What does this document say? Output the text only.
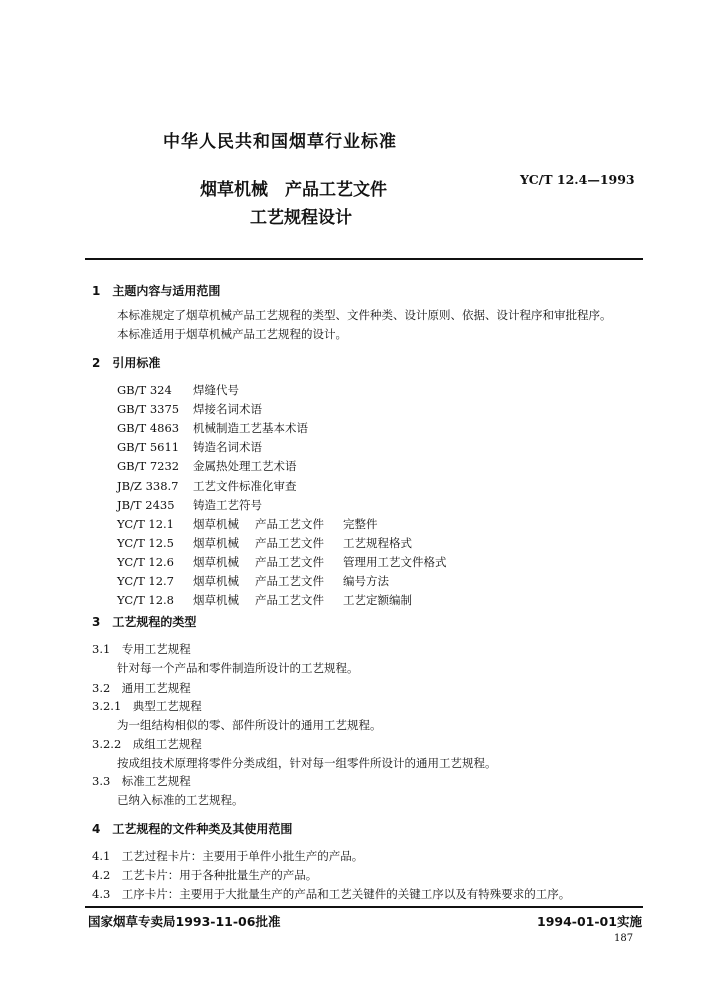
中华人民共和国烟草行业标准
烟草机械　产品工艺文件
工艺规程设计
YC/T 12.4—1993
1　主题内容与适用范围
本标准规定了烟草机械产品工艺规程的类型、文件种类、设计原则、依据、设计程序和审批程序。
本标准适用于烟草机械产品工艺规程的设计。
2　引用标准
GB/T 324 焊缝代号
GB/T 3375 焊接名词术语
GB/T 4863 机械制造工艺基本术语
GB/T 5611 铸造名词术语
GB/T 7232 金属热处理工艺术语
JB/Z 338.7 工艺文件标准化审查
JB/T 2435 铸造工艺符号
YC/T 12.1 烟草机械 产品工艺文件 完整件
YC/T 12.5 烟草机械 产品工艺文件 工艺规程格式
YC/T 12.6 烟草机械 产品工艺文件 管理用工艺文件格式
YC/T 12.7 烟草机械 产品工艺文件 编号方法
YC/T 12.8 烟草机械 产品工艺文件 工艺定额编制
3　工艺规程的类型
3.1　专用工艺规程
针对每一个产品和零件制造所设计的工艺规程。
3.2　通用工艺规程
3.2.1　典型工艺规程
为一组结构相似的零、部件所设计的通用工艺规程。
3.2.2　成组工艺规程
按成组技术原理将零件分类成组，针对每一组零件所设计的通用工艺规程。
3.3　标准工艺规程
已纳入标准的工艺规程。
4　工艺规程的文件种类及其使用范围
4.1　工艺过程卡片：主要用于单件小批生产的产品。
4.2　工艺卡片：用于各种批量生产的产品。
4.3　工序卡片：主要用于大批量生产的产品和工艺关键件的关键工序以及有特殊要求的工序。
国家烟草专卖局1993-11-06批准	1994-01-01实施
187
